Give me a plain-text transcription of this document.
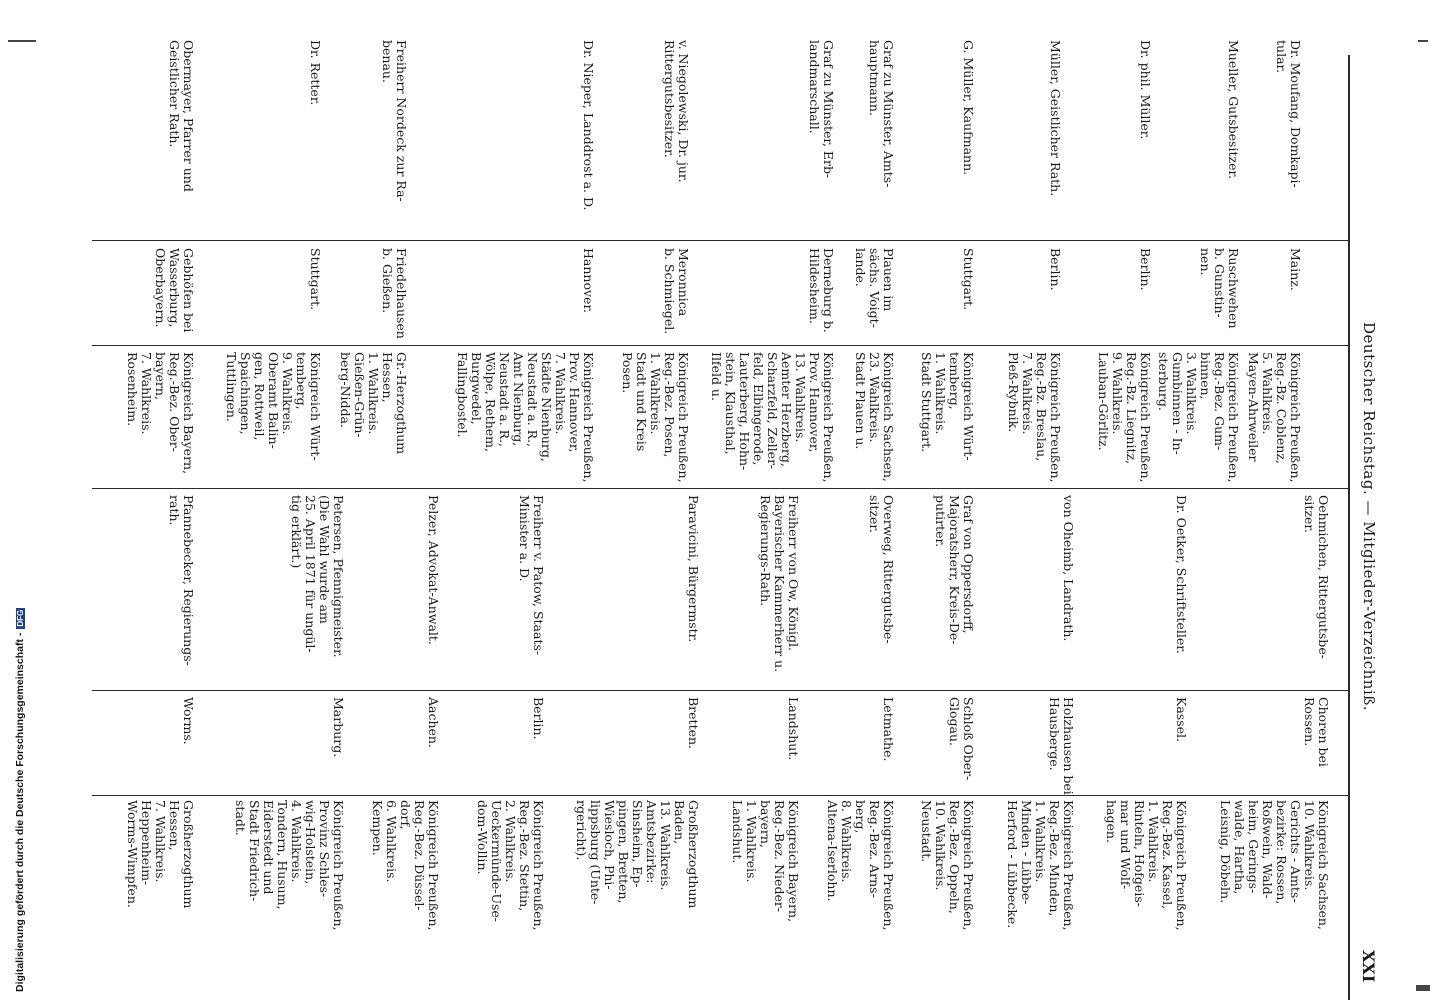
Deutscher Reichstag. — Mitglieder-Verzeichniß.
XXI
Dr. Moufang, Domkapi-
tular.
Mainz.
Königreich Preußen,
Reg.-Bz. Coblenz,
5. Wahlkreis.
Mayen-Ahrweiler
Mueller, Gutsbesitzer.
Ruschwehen
b. Gunstin-
nen.
Königreich Preußen,
Reg.-Bez. Gum-
binnen,
3. Wahlkreis.
Gumbinnen - In-
sterburg.
Dr. phil. Müller.
Berlin.
Königreich Preußen,
Reg.-Bz. Liegnitz,
9. Wahlkreis.
Lauban-Görlitz.
Müller, Geistlicher Rath.
Berlin.
Königreich Preußen,
Reg.-Bz. Breslau,
7. Wahlkreis.
Pleß-Rybnik.
G. Müller, Kaufmann.
Stuttgart.
Königreich Würt-
temberg,
1. Wahlkreis.
Stadt Stuttgart.
Graf zu Münster, Amts-
hauptmann.
Plauen im
sächs. Voigt-
lande.
Königreich Sachsen,
23. Wahlkreis.
Stadt Plauen u.
Graf zu Münster, Erb-
landmarschall.
Derneburg b.
Hildesheim.
Königreich Preußen,
Prov. Hannover,
13. Wahlkreis.
Aemter Herzberg,
Scharzfeld, Zeller-
feld, Elbingerode,
Lauterberg, Hohn-
stein, Klausthal,
Ilfeld u.
v. Niegolewski, Dr. jur.
Rittergutsbesitzer.
Meronnica
b. Schmiegel.
Königreich Preußen,
Reg.-Bez. Posen,
1. Wahlkreis.
Stadt und Kreis
Posen.
Dr. Nieper, Landdrost a. D.
Hannover.
Königreich Preußen,
Prov. Hannover,
7. Wahlkreis.
Städte Nienburg,
Neustadt a. R.,
Amt Nienburg,
Neustadt a. R.,
Wölpe, Rethem,
Burgwedel,
Fallingbostel.
Freiherr Nordeck zur Ra-
benau.
Friedelhausen
b. Gießen.
Gr.-Herzogthum
Hessen,
1. Wahlkreis.
Gießen-Grün-
berg-Nidda.
Dr. Retter.
Stuttgart.
Königreich Würt-
temberg,
9. Wahlkreis.
Oberamt Balin-
gen, Rottweil,
Spaichingen,
Tuttlingen.
Obermayer, Pfarrer und
Geistlicher Rath.
Gebhöfen bei
Wasserburg,
Oberbayern.
Königreich Bayern,
Reg.-Bez. Ober-
bayern,
7. Wahlkreis.
Rosenheim.
Oehmichen, Rittergutsbe-
sitzer.
Choren bei
Rossen.
Königreich Sachsen,
10. Wahlkreis.
Gerichts - Amts-
bezirke: Rossen,
Roßwein, Wald-
heim, Gerings-
walde, Hartha,
Leisnig, Döbeln.
Dr. Oetker, Schriftsteller.
Kassel.
Königreich Preußen,
Reg.-Bez. Kassel,
1. Wahlkreis.
Rinteln, Hofgeis-
mar und Wolf-
hagen.
von Oheimb, Landrath.
Holzhausen bei
Hausberge.
Königreich Preußen,
Reg.-Bez. Minden,
1. Wahlkreis.
Minden - Lübbe-
Herford - Lübbecke.
Graf von Oppersdorff,
Majoratsherr, Kreis-De-
putirter.
Schloß Ober-
Glogau.
Königreich Preußen,
Reg.-Bez. Oppeln,
10. Wahlkreis.
Neustadt.
Overweg, Rittergutsbe-
sitzer.
Letmathe.
Königreich Preußen,
Reg.-Bez. Arns-
berg,
8. Wahlkreis.
Altena-Iserlohn.
Freiherr von Ow, Königl.
Bayerischer Kammerherr u.
Regierungs-Rath.
Landshut.
Königreich Bayern,
Reg.-Bez. Nieder-
bayern,
1. Wahlkreis.
Landshut.
Paravicini, Bürgermstr.
Bretten.
Großherzogthum
Baden,
13. Wahlkreis.
Amtsbezirke:
Sinsheim, Ep-
pingen, Bretten,
Wiesloch, Phi-
lippsburg (Unte-
rgericht).
Freiherr v. Patow, Staats-
Minister a. D.
Berlin.
Königreich Preußen,
Reg.-Bez. Stettin,
2. Wahlkreis.
Ueckermünde-Use-
dom-Wollin.
Pelzer, Advokat-Anwalt.
Aachen.
Königreich Preußen,
Reg.-Bez. Düssel-
dorf,
6. Wahlkreis.
Kempen.
Petersen, Pfennigmeister.
(Die Wahl wurde am
25. April 1871 für ungül-
tig erklärt.)
Marburg.
Königreich Preußen,
Provinz Schles-
wig-Holstein,
4. Wahlkreis.
Tondern, Husum,
Eiderstedt und
Stadt Friedrich-
stadt.
Pfannebecker, Regierungs-
rath.
Worms.
Großherzogthum
Hessen,
7. Wahlkreis.
Heppenheim-
Worms-Wimpfen.
Digitalisierung gefördert durch die Deutsche Forschungsgemeinschaft -DFG
